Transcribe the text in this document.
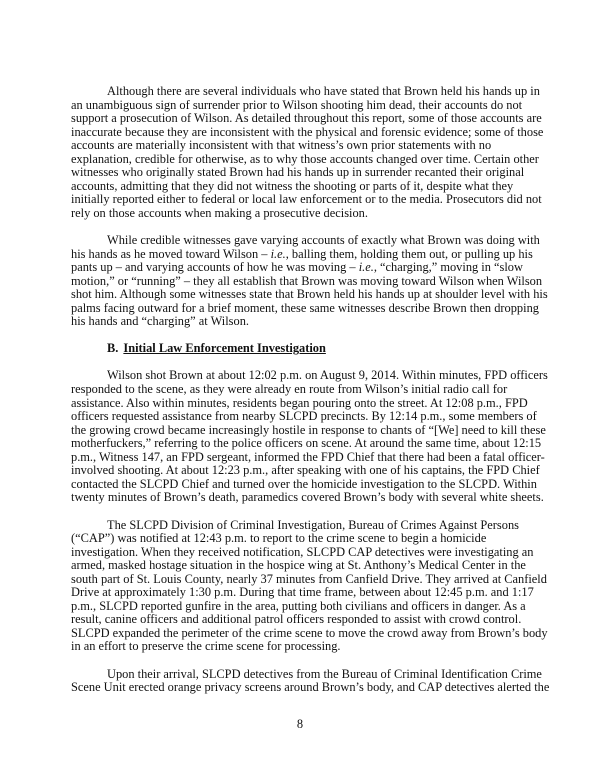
Although there are several individuals who have stated that Brown held his hands up in
an unambiguous sign of surrender prior to Wilson shooting him dead, their accounts do not
support a prosecution of Wilson. As detailed throughout this report, some of those accounts are
inaccurate because they are inconsistent with the physical and forensic evidence; some of those
accounts are materially inconsistent with that witness’s own prior statements with no
explanation, credible for otherwise, as to why those accounts changed over time. Certain other
witnesses who originally stated Brown had his hands up in surrender recanted their original
accounts, admitting that they did not witness the shooting or parts of it, despite what they
initially reported either to federal or local law enforcement or to the media. Prosecutors did not
rely on those accounts when making a prosecutive decision.
While credible witnesses gave varying accounts of exactly what Brown was doing with
his hands as he moved toward Wilson – i.e., balling them, holding them out, or pulling up his
pants up – and varying accounts of how he was moving – i.e., “charging,” moving in “slow
motion,” or “running” – they all establish that Brown was moving toward Wilson when Wilson
shot him. Although some witnesses state that Brown held his hands up at shoulder level with his
palms facing outward for a brief moment, these same witnesses describe Brown then dropping
his hands and “charging” at Wilson.
B. Initial Law Enforcement Investigation
Wilson shot Brown at about 12:02 p.m. on August 9, 2014. Within minutes, FPD officers
responded to the scene, as they were already en route from Wilson’s initial radio call for
assistance. Also within minutes, residents began pouring onto the street. At 12:08 p.m., FPD
officers requested assistance from nearby SLCPD precincts. By 12:14 p.m., some members of
the growing crowd became increasingly hostile in response to chants of “[We] need to kill these
motherfuckers,” referring to the police officers on scene. At around the same time, about 12:15
p.m., Witness 147, an FPD sergeant, informed the FPD Chief that there had been a fatal officer-
involved shooting. At about 12:23 p.m., after speaking with one of his captains, the FPD Chief
contacted the SLCPD Chief and turned over the homicide investigation to the SLCPD. Within
twenty minutes of Brown’s death, paramedics covered Brown’s body with several white sheets.
The SLCPD Division of Criminal Investigation, Bureau of Crimes Against Persons
(“CAP”) was notified at 12:43 p.m. to report to the crime scene to begin a homicide
investigation. When they received notification, SLCPD CAP detectives were investigating an
armed, masked hostage situation in the hospice wing at St. Anthony’s Medical Center in the
south part of St. Louis County, nearly 37 minutes from Canfield Drive. They arrived at Canfield
Drive at approximately 1:30 p.m. During that time frame, between about 12:45 p.m. and 1:17
p.m., SLCPD reported gunfire in the area, putting both civilians and officers in danger. As a
result, canine officers and additional patrol officers responded to assist with crowd control.
SLCPD expanded the perimeter of the crime scene to move the crowd away from Brown’s body
in an effort to preserve the crime scene for processing.
Upon their arrival, SLCPD detectives from the Bureau of Criminal Identification Crime
Scene Unit erected orange privacy screens around Brown’s body, and CAP detectives alerted the
8
